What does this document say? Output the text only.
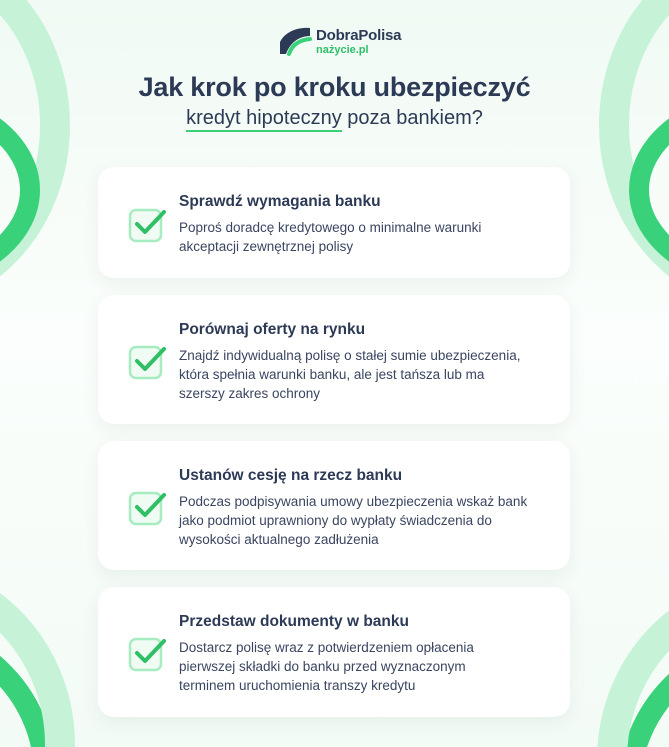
DobraPolisa
nażycie.pl
Jak krok po kroku ubezpieczyć
kredyt hipoteczny poza bankiem?
Sprawdź wymagania banku
Poproś doradcę kredytowego o minimalne warunki
akceptacji zewnętrznej polisy
Porównaj oferty na rynku
Znajdź indywidualną polisę o stałej sumie ubezpieczenia,
która spełnia warunki banku, ale jest tańsza lub ma
szerszy zakres ochrony
Ustanów cesję na rzecz banku
Podczas podpisywania umowy ubezpieczenia wskaż bank
jako podmiot uprawniony do wypłaty świadczenia do
wysokości aktualnego zadłużenia
Przedstaw dokumenty w banku
Dostarcz polisę wraz z potwierdzeniem opłacenia
pierwszej składki do banku przed wyznaczonym
terminem uruchomienia transzy kredytu
